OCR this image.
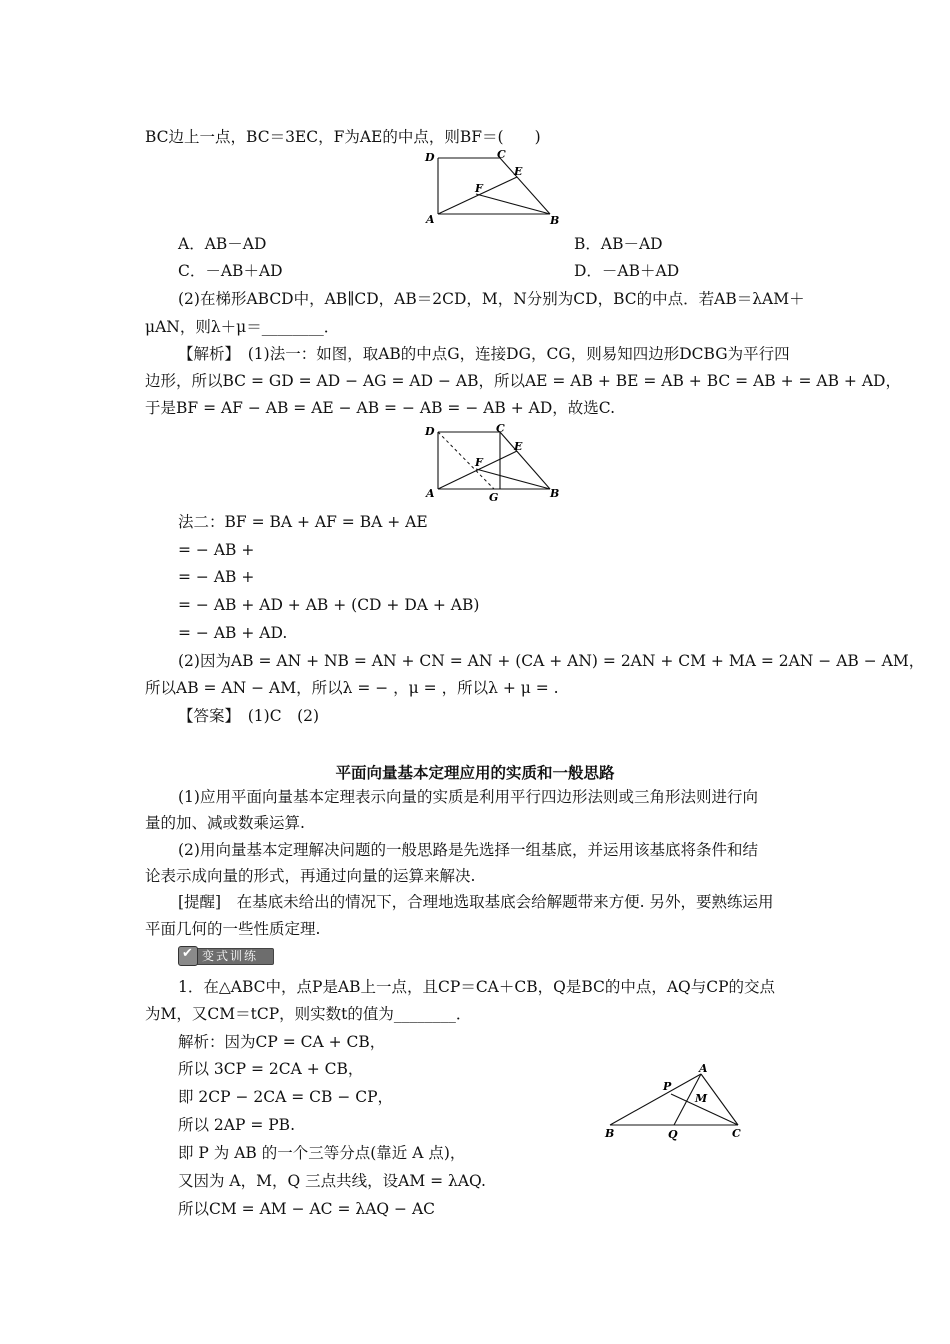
BC边上一点，BC＝3EC，F为AE的中点，则BF＝(　　)
D	C
E
F
A	B
A．AB－AD	B．AB－AD
C．－AB＋AD	D．－AB＋AD
(2)在梯形ABCD中，AB∥CD，AB＝2CD，M，N分别为CD，BC的中点．若AB＝λAM＋
μAN，则λ＋μ＝________．
【解析】　(1)法一：如图，取AB的中点G，连接DG，CG，则易知四边形DCBG为平行四
边形，所以BC = GD = AD − AG = AD − AB，所以AE = AB + BE = AB + BC = AB + = AB + AD，
于是BF = AF − AB = AE − AB = − AB = − AB + AD，故选C.
D	C
E
F
A	G	B
法二：BF = BA + AF = BA + AE
= − AB +
= − AB +
= − AB + AD + AB + (CD + DA + AB)
= − AB + AD.
(2)因为AB = AN + NB = AN + CN = AN + (CA + AN) = 2AN + CM + MA = 2AN − AB − AM，
所以AB = AN − AM，所以λ = − ，μ = ，所以λ + μ = .
【答案】　(1)C　(2)
平面向量基本定理应用的实质和一般思路
(1)应用平面向量基本定理表示向量的实质是利用平行四边形法则或三角形法则进行向
量的加、减或数乘运算.
(2)用向量基本定理解决问题的一般思路是先选择一组基底，并运用该基底将条件和结
论表示成向量的形式，再通过向量的运算来解决.
[提醒]　在基底未给出的情况下，合理地选取基底会给解题带来方便. 另外，要熟练运用
平面几何的一些性质定理.
✔
变式训练
1．在△ABC中，点P是AB上一点，且CP＝CA＋CB，Q是BC的中点，AQ与CP的交点
为M，又CM＝tCP，则实数t的值为________．
解析：因为CP = CA + CB，
所以 3CP = 2CA + CB，
即 2CP − 2CA = CB − CP，
所以 2AP = PB.
即 P 为 AB 的一个三等分点(靠近 A 点)，
又因为 A，M，Q 三点共线，设AM = λAQ.
所以CM = AM − AC = λAQ − AC
A
P
M
B	Q	C
